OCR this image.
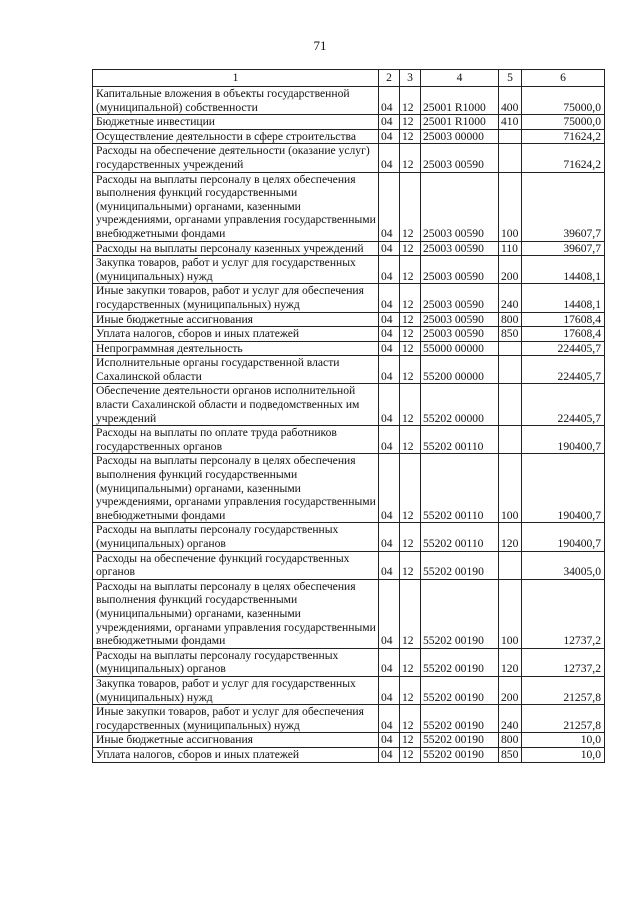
71
1	2	3	4	5	6
Капитальные вложения в объекты государственной (муниципальной) собственности	04	12	25001 R1000	400	75000,0
Бюджетные инвестиции	04	12	25001 R1000	410	75000,0
Осуществление деятельности в сфере строительства	04	12	25003 00000		71624,2
Расходы на обеспечение деятельности (оказание услуг) государственных учреждений	04	12	25003 00590		71624,2
Расходы на выплаты персоналу в целях обеспечения выполнения функций государственными (муниципальными) органами, казенными учреждениями, органами управления государственными внебюджетными фондами	04	12	25003 00590	100	39607,7
Расходы на выплаты персоналу казенных учреждений	04	12	25003 00590	110	39607,7
Закупка товаров, работ и услуг для государственных (муниципальных) нужд	04	12	25003 00590	200	14408,1
Иные закупки товаров, работ и услуг для обеспечения государственных (муниципальных) нужд	04	12	25003 00590	240	14408,1
Иные бюджетные ассигнования	04	12	25003 00590	800	17608,4
Уплата налогов, сборов и иных платежей	04	12	25003 00590	850	17608,4
Непрограммная деятельность	04	12	55000 00000		224405,7
Исполнительные органы государственной власти Сахалинской области	04	12	55200 00000		224405,7
Обеспечение деятельности органов исполнительной власти Сахалинской области и подведомственных им учреждений	04	12	55202 00000		224405,7
Расходы на выплаты по оплате труда работников государственных органов	04	12	55202 00110		190400,7
Расходы на выплаты персоналу в целях обеспечения выполнения функций государственными (муниципальными) органами, казенными учреждениями, органами управления государственными внебюджетными фондами	04	12	55202 00110	100	190400,7
Расходы на выплаты персоналу государственных (муниципальных) органов	04	12	55202 00110	120	190400,7
Расходы на обеспечение функций государственных органов	04	12	55202 00190		34005,0
Расходы на выплаты персоналу в целях обеспечения выполнения функций государственными (муниципальными) органами, казенными учреждениями, органами управления государственными внебюджетными фондами	04	12	55202 00190	100	12737,2
Расходы на выплаты персоналу государственных (муниципальных) органов	04	12	55202 00190	120	12737,2
Закупка товаров, работ и услуг для государственных (муниципальных) нужд	04	12	55202 00190	200	21257,8
Иные закупки товаров, работ и услуг для обеспечения государственных (муниципальных) нужд	04	12	55202 00190	240	21257,8
Иные бюджетные ассигнования	04	12	55202 00190	800	10,0
Уплата налогов, сборов и иных платежей	04	12	55202 00190	850	10,0
